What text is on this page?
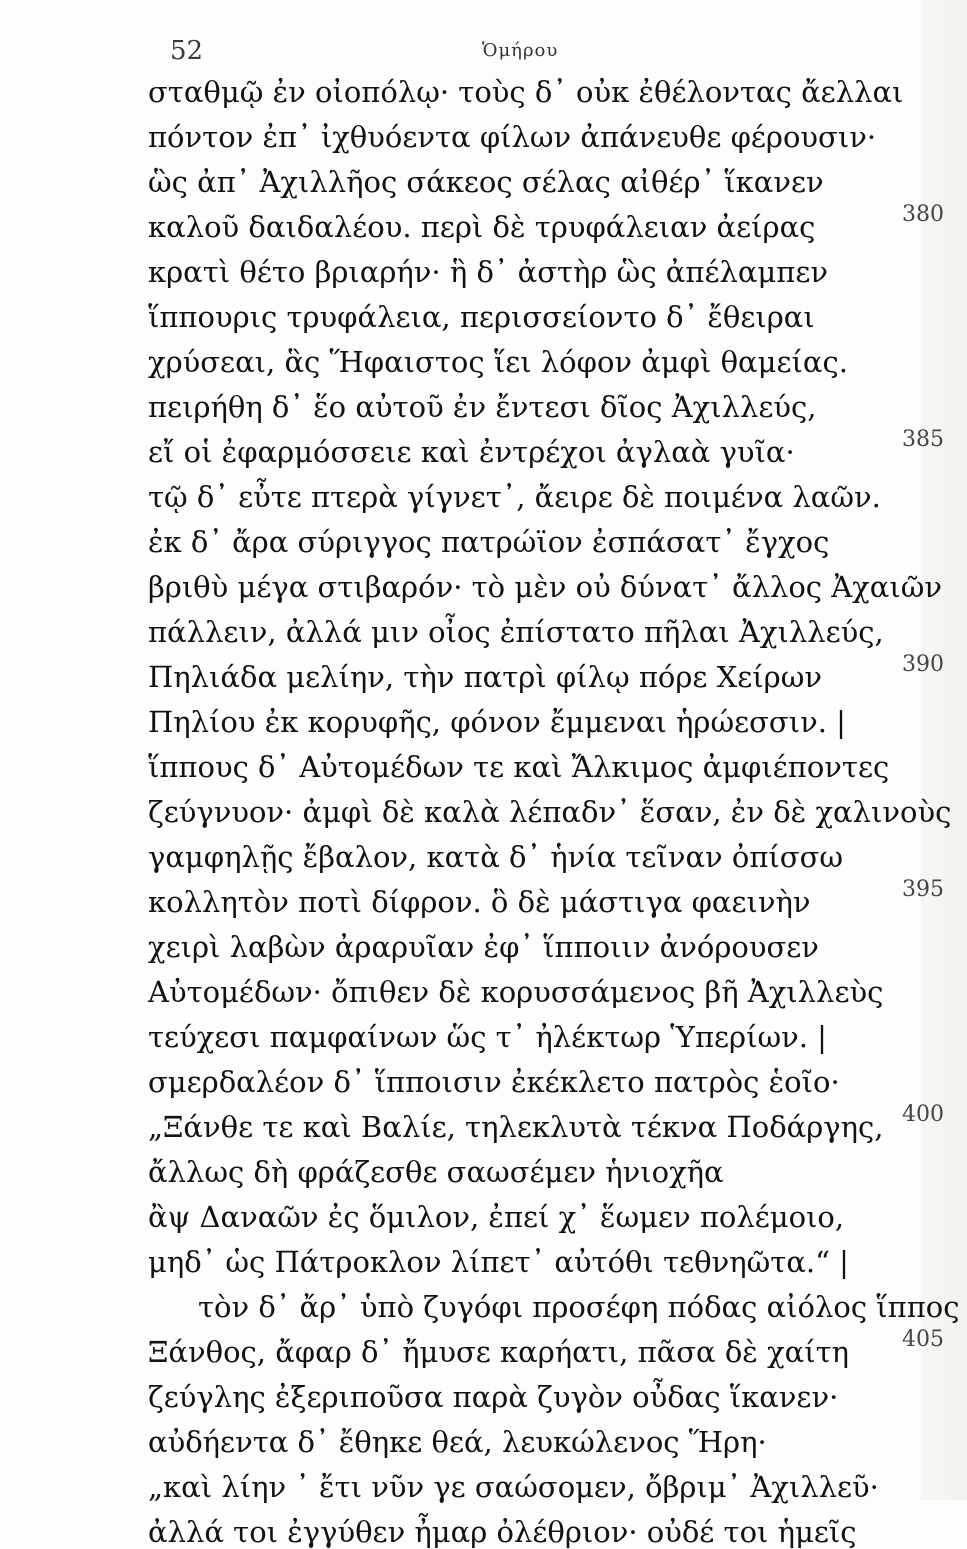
52	Ὁμήρου
σταθμῷ ἐν οἰοπόλῳ· τοὺς δ᾽ οὐκ ἐθέλοντας ἄελλαι
πόντον ἐπ᾽ ἰχθυόεντα φίλων ἀπάνευθε φέρουσιν·
ὣς ἀπ᾽ Ἀχιλλῆος σάκεος σέλας αἰθέρ᾽ ἵκανεν
καλοῦ δαιδαλέου. περὶ δὲ τρυφάλειαν ἀείρας
κρατὶ θέτο βριαρήν· ἣ δ᾽ ἀστὴρ ὣς ἀπέλαμπεν
ἵππουρις τρυφάλεια, περισσείοντο δ᾽ ἔθειραι
χρύσεαι, ἃς Ἥφαιστος ἵει λόφον ἀμφὶ θαμείας.
πειρήθη δ᾽ ἕο αὐτοῦ ἐν ἔντεσι δῖος Ἀχιλλεύς,
εἴ οἱ ἐφαρμόσσειε καὶ ἐντρέχοι ἀγλαὰ γυῖα·
τῷ δ᾽ εὖτε πτερὰ γίγνετ᾽, ἄειρε δὲ ποιμένα λαῶν.
ἐκ δ᾽ ἄρα σύριγγος πατρώϊον ἐσπάσατ᾽ ἔγχος
βριθὺ μέγα στιβαρόν· τὸ μὲν οὐ δύνατ᾽ ἄλλος Ἀχαιῶν
πάλλειν, ἀλλά μιν οἶος ἐπίστατο πῆλαι Ἀχιλλεύς,
Πηλιάδα μελίην, τὴν πατρὶ φίλῳ πόρε Χείρων
Πηλίου ἐκ κορυφῆς, φόνον ἔμμεναι ἡρώεσσιν. |
ἵππους δ᾽ Αὐτομέδων τε καὶ Ἄλκιμος ἀμφιέποντες
ζεύγνυον· ἀμφὶ δὲ καλὰ λέπαδν᾽ ἕσαν, ἐν δὲ χαλινοὺς
γαμφηλῇς ἔβαλον, κατὰ δ᾽ ἡνία τεῖναν ὀπίσσω
κολλητὸν ποτὶ δίφρον. ὃ δὲ μάστιγα φαεινὴν
χειρὶ λαβὼν ἀραρυῖαν ἐφ᾽ ἵπποιιν ἀνόρουσεν
Αὐτομέδων· ὄπιθεν δὲ κορυσσάμενος βῆ Ἀχιλλεὺς
τεύχεσι παμφαίνων ὥς τ᾽ ἠλέκτωρ Ὑπερίων. |
σμερδαλέον δ᾽ ἵπποισιν ἐκέκλετο πατρὸς ἑοῖο·
„Ξάνθε τε καὶ Βαλίε, τηλεκλυτὰ τέκνα Ποδάργης,
ἄλλως δὴ φράζεσθε σαωσέμεν ἡνιοχῆα
ἂψ Δαναῶν ἐς ὅμιλον, ἐπεί χ᾽ ἕωμεν πολέμοιο,
μηδ᾽ ὡς Πάτροκλον λίπετ᾽ αὐτόθι τεθνηῶτα.“ |
τὸν δ᾽ ἄρ᾽ ὑπὸ ζυγόφι προσέφη πόδας αἰόλος ἵππος
Ξάνθος, ἄφαρ δ᾽ ἤμυσε καρήατι, πᾶσα δὲ χαίτη
ζεύγλης ἐξεριποῦσα παρὰ ζυγὸν οὖδας ἵκανεν·
αὐδήεντα δ᾽ ἔθηκε θεά, λευκώλενος Ἥρη·
„καὶ λίην ᾽ ἔτι νῦν γε σαώσομεν, ὄβριμ᾽ Ἀχιλλεῦ·
ἀλλά τοι ἐγγύθεν ἦμαρ ὀλέθριον· οὐδέ τοι ἡμεῖς
380
385
390
395
400
405
